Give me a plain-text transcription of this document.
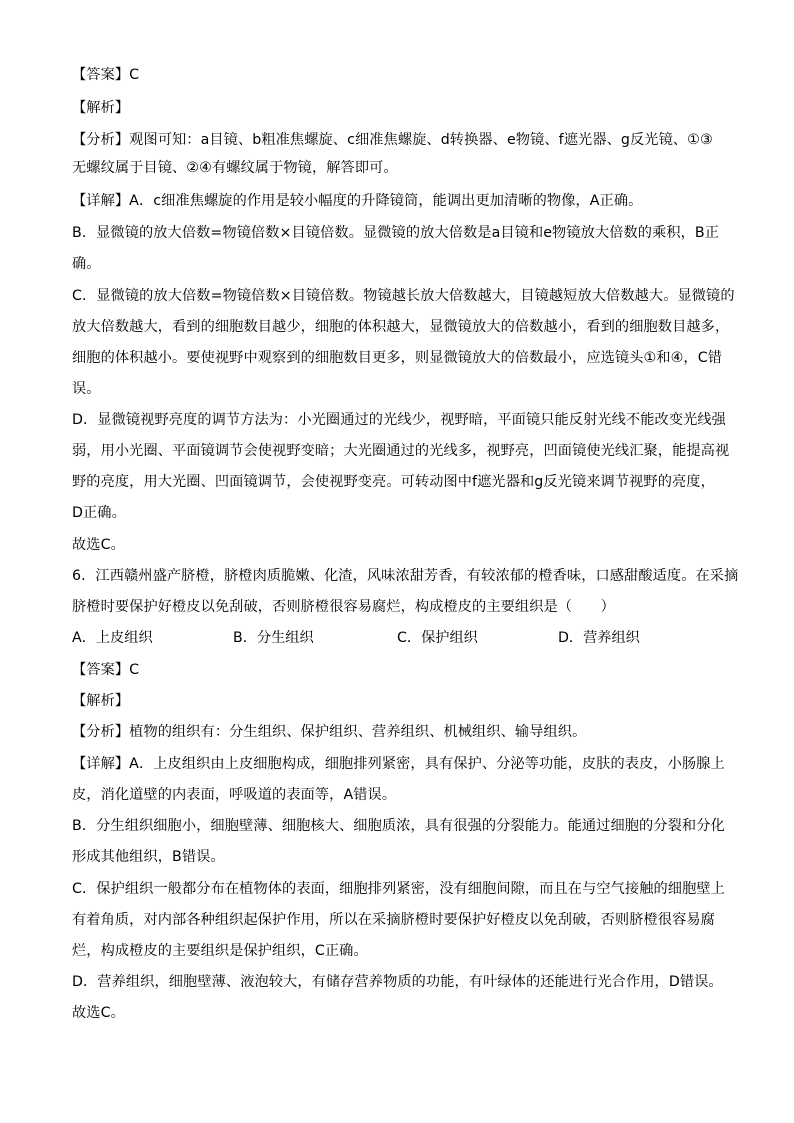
【答案】C
【解析】
【分析】观图可知：a目镜、b粗准焦螺旋、c细准焦螺旋、d转换器、e物镜、f遮光器、g反光镜、①③
无螺纹属于目镜、②④有螺纹属于物镜，解答即可。
【详解】A．c细准焦螺旋的作用是较小幅度的升降镜筒，能调出更加清晰的物像，A正确。
B．显微镜的放大倍数=物镜倍数×目镜倍数。显微镜的放大倍数是a目镜和e物镜放大倍数的乘积，B正
确。
C．显微镜的放大倍数=物镜倍数×目镜倍数。物镜越长放大倍数越大，目镜越短放大倍数越大。显微镜的
放大倍数越大，看到的细胞数目越少，细胞的体积越大，显微镜放大的倍数越小，看到的细胞数目越多，
细胞的体积越小。要使视野中观察到的细胞数目更多，则显微镜放大的倍数最小，应选镜头①和④，C错
误。
D．显微镜视野亮度的调节方法为：小光圈通过的光线少，视野暗，平面镜只能反射光线不能改变光线强
弱，用小光圈、平面镜调节会使视野变暗；大光圈通过的光线多，视野亮，凹面镜使光线汇聚，能提高视
野的亮度，用大光圈、凹面镜调节，会使视野变亮。可转动图中f遮光器和g反光镜来调节视野的亮度，
D正确。
故选C。
6．江西赣州盛产脐橙，脐橙肉质脆嫩、化渣，风味浓甜芳香，有较浓郁的橙香味，口感甜酸适度。在采摘
脐橙时要保护好橙皮以免刮破，否则脐橙很容易腐烂，构成橙皮的主要组织是（　　）
A．上皮组织	B．分生组织	C．保护组织	D．营养组织
【答案】C
【解析】
【分析】植物的组织有：分生组织、保护组织、营养组织、机械组织、输导组织。
【详解】A．上皮组织由上皮细胞构成，细胞排列紧密，具有保护、分泌等功能，皮肤的表皮，小肠腺上
皮，消化道壁的内表面，呼吸道的表面等，A错误。
B．分生组织细胞小，细胞壁薄、细胞核大、细胞质浓，具有很强的分裂能力。能通过细胞的分裂和分化
形成其他组织，B错误。
C．保护组织一般都分布在植物体的表面，细胞排列紧密，没有细胞间隙，而且在与空气接触的细胞壁上
有着角质，对内部各种组织起保护作用，所以在采摘脐橙时要保护好橙皮以免刮破，否则脐橙很容易腐
烂，构成橙皮的主要组织是保护组织，C正确。
D．营养组织，细胞壁薄、液泡较大，有储存营养物质的功能，有叶绿体的还能进行光合作用，D错误。
故选C。
